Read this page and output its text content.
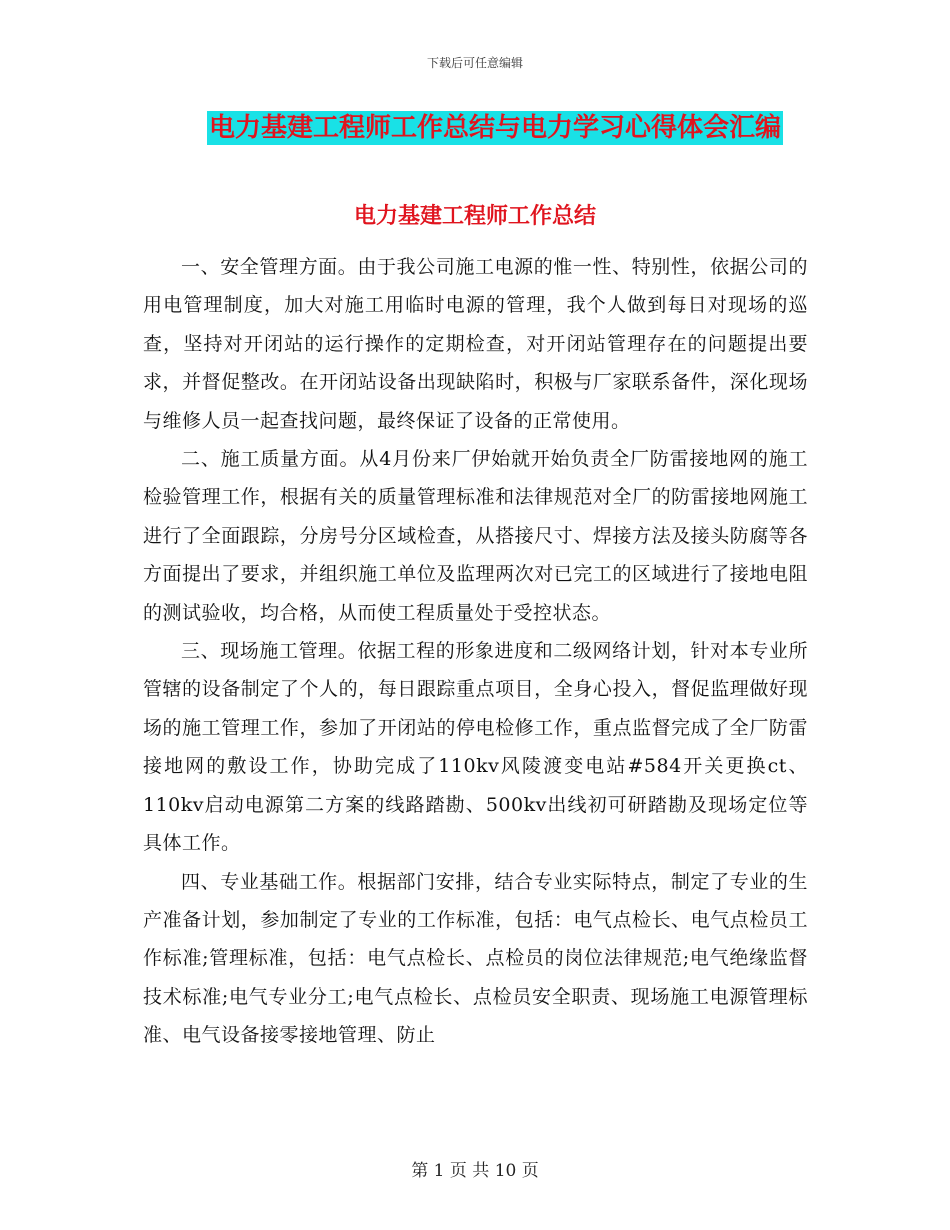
下载后可任意编辑
电力基建工程师工作总结与电力学习心得体会汇编
电力基建工程师工作总结

一、安全管理方面。由于我公司施工电源的惟一性、特别性，依据公司的用电管理制度，加大对施工用临时电源的管理，我个人做到每日对现场的巡查，坚持对开闭站的运行操作的定期检查，对开闭站管理存在的问题提出要求，并督促整改。在开闭站设备出现缺陷时，积极与厂家联系备件，深化现场与维修人员一起查找问题，最终保证了设备的正常使用。

二、施工质量方面。从4月份来厂伊始就开始负责全厂防雷接地网的施工检验管理工作，根据有关的质量管理标准和法律规范对全厂的防雷接地网施工进行了全面跟踪，分房号分区域检查，从搭接尺寸、焊接方法及接头防腐等各方面提出了要求，并组织施工单位及监理两次对已完工的区域进行了接地电阻的测试验收，均合格，从而使工程质量处于受控状态。

三、现场施工管理。依据工程的形象进度和二级网络计划，针对本专业所管辖的设备制定了个人的，每日跟踪重点项目，全身心投入，督促监理做好现场的施工管理工作，参加了开闭站的停电检修工作，重点监督完成了全厂防雷接地网的敷设工作，协助完成了110kv风陵渡变电站#584开关更换ct、110kv启动电源第二方案的线路踏勘、500kv出线初可研踏勘及现场定位等具体工作。

四、专业基础工作。根据部门安排，结合专业实际特点，制定了专业的生产准备计划，参加制定了专业的工作标准，包括：电气点检长、电气点检员工作标准;管理标准，包括：电气点检长、点检员的岗位法律规范;电气绝缘监督技术标准;电气专业分工;电气点检长、点检员安全职责、现场施工电源管理标准、电气设备接零接地管理、防止

第 1 页 共 10 页
